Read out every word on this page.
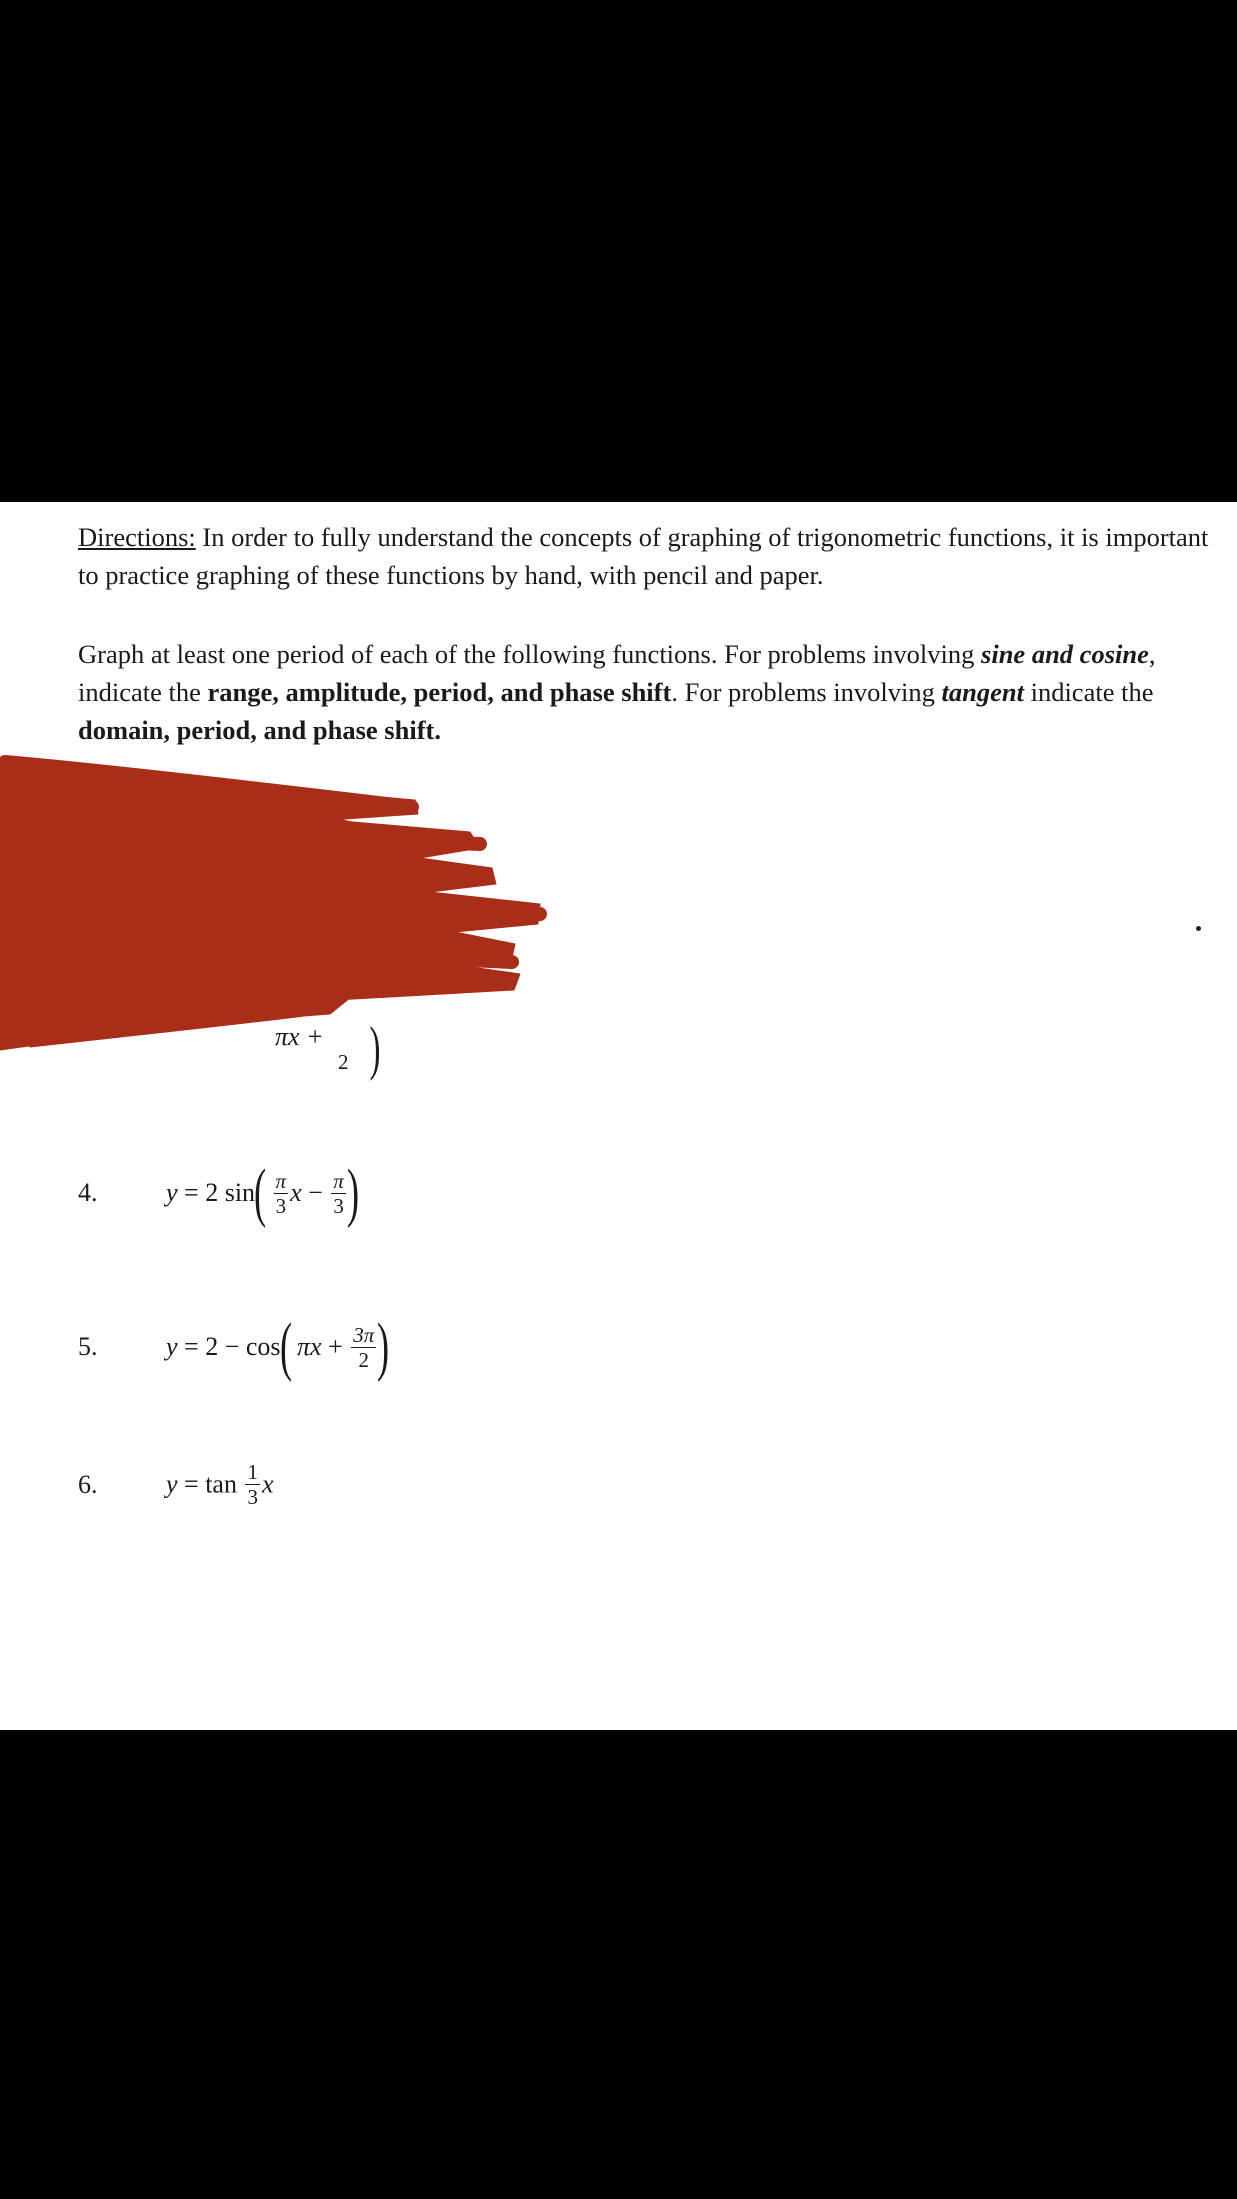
Directions: In order to fully understand the concepts of graphing of trigonometric functions, it is important to practice graphing of these functions by hand, with pencil and paper.
Graph at least one period of each of the following functions. For problems involving sine and cosine, indicate the range, amplitude, period, and phase shift. For problems involving tangent indicate the domain, period, and phase shift.
πx +
2 )
4.	y = 2 $\sin( \frac{\pi}{3}$ $x - \frac{\pi}{3}$ )
5.	y = 2 − cos( $\pi x + \frac{3\pi}{2}$ )
6.	$y = \tan \frac{1}{3}$ x
